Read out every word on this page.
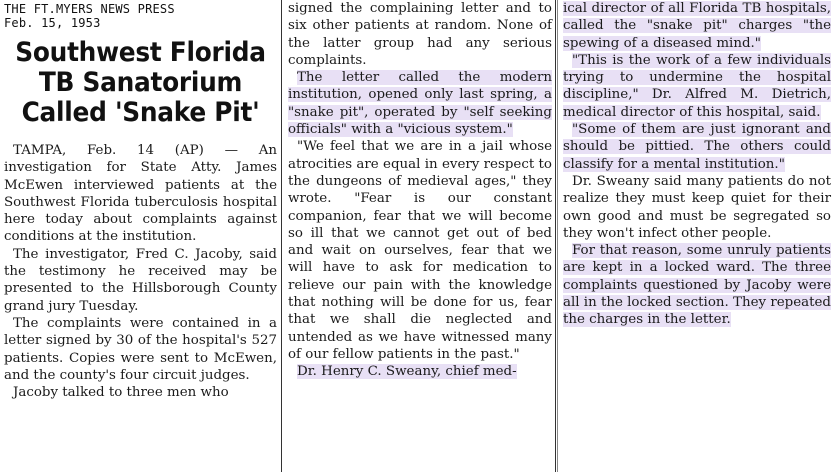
THE FT.MYERS NEWS PRESS
Feb. 15, 1953
Southwest Florida
TB Sanatorium
Called 'Snake Pit'

TAMPA, Feb. 14 (AP) — An investigation for State Atty. James McEwen interviewed patients at the Southwest Florida tuberculosis hospital here today about complaints against conditions at the institution.

The investigator, Fred C. Jacoby, said the testimony he received may be presented to the Hillsborough County grand jury Tuesday.

The complaints were contained in a letter signed by 30 of the hospital's 527 patients. Copies were sent to McEwen, and the county's four circuit judges.

Jacoby talked to three men who

signed the complaining letter and to six other patients at random. None of the latter group had any serious complaints.

The letter called the modern institution, opened only last spring, a "snake pit", operated by "self seeking officials" with a "vicious system."

"We feel that we are in a jail whose atrocities are equal in every respect to the dungeons of medieval ages," they wrote. "Fear is our constant companion, fear that we will become so ill that we cannot get out of bed and wait on ourselves, fear that we will have to ask for medication to relieve our pain with the knowledge that nothing will be done for us, fear that we shall die neglected and untended as we have witnessed many of our fellow patients in the past."

Dr. Henry C. Sweany, chief med-

ical director of all Florida TB hospitals, called the "snake pit" charges "the spewing of a diseased mind."

"This is the work of a few individuals trying to undermine the hospital discipline," Dr. Alfred M. Dietrich, medical director of this hospital, said.

"Some of them are just ignorant and should be pittied. The others could classify for a mental institution."

Dr. Sweany said many patients do not realize they must keep quiet for their own good and must be segregated so they won't infect other people.

For that reason, some unruly patients are kept in a locked ward. The three complaints questioned by Jacoby were all in the locked section. They repeated the charges in the letter.
